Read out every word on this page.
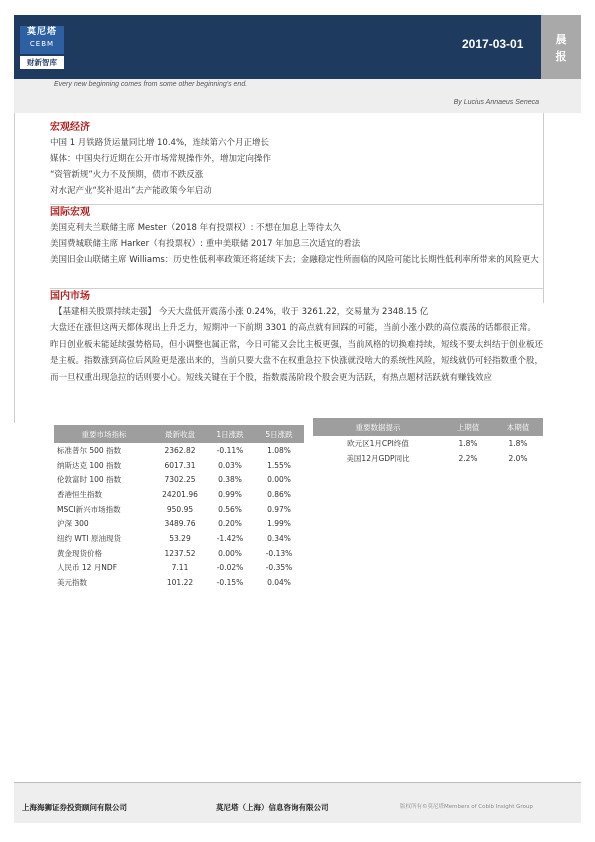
莫尼塔
CEBM
财新智库
2017-03-01	晨
报
Every new beginning comes from some other beginning's end.
By Lucius Annaeus Seneca
宏观经济
中国 1 月铁路货运量同比增 10.4%，连续第六个月正增长
媒体：中国央行近期在公开市场常规操作外，增加定向操作
“资管新规”火力不及预期，债市不跌反涨
对水泥产业“奖补退出”去产能政策今年启动
国际宏观
美国克利夫兰联储主席 Mester（2018 年有投票权）: 不想在加息上等待太久
美国费城联储主席 Harker（有投票权）: 重申美联储 2017 年加息三次适宜的看法
美国旧金山联储主席 Williams：历史性低利率政策还将延续下去；金融稳定性所面临的风险可能比长期性低利率所带来的风险更大
国内市场
【基建相关股票持续走强】 今天大盘低开震荡小涨 0.24%，收于 3261.22，交易量为 2348.15 亿
大盘还在涨但这两天都体现出上升乏力，短期冲一下前期 3301 的高点就有回踩的可能，当前小涨小跌的高位震荡的话都很正常。昨日创业板未能延续强势格局，但小调整也属正常，今日可能又会比主板更强，当前风格的切换难持续，短线不要太纠结于创业板还是主板。指数涨到高位后风险更是涨出来的，当前只要大盘不在权重急拉下快涨就没啥大的系统性风险，短线就仍可轻指数重个股，而一旦权重出现急拉的话则要小心。短线关键在于个股，指数震荡阶段个股会更为活跃，有热点题材活跃就有赚钱效应
重要市场指标	最新收盘	1日涨跌	5日涨跌
标准普尔 500 指数	2362.82	-0.11%	1.08%
纳斯达克 100 指数	6017.31	0.03%	1.55%
伦敦富时 100 指数	7302.25	0.38%	0.00%
香港恒生指数	24201.96	0.99%	0.86%
MSCI新兴市场指数	950.95	0.56%	0.97%
沪深 300	3489.76	0.20%	1.99%
纽约 WTI 原油现货	53.29	-1.42%	0.34%
黄金现货价格	1237.52	0.00%	-0.13%
人民币 12 月NDF	7.11	-0.02%	-0.35%
美元指数	101.22	-0.15%	0.04%
重要数据提示	上期值	本期值
欧元区1月CPI终值	1.8%	1.8%
美国12月GDP同比	2.2%	2.0%
上海海狮证券投资顾问有限公司	莫尼塔（上海）信息咨询有限公司	版权所有©莫尼塔Members of Cobib Insight Group
